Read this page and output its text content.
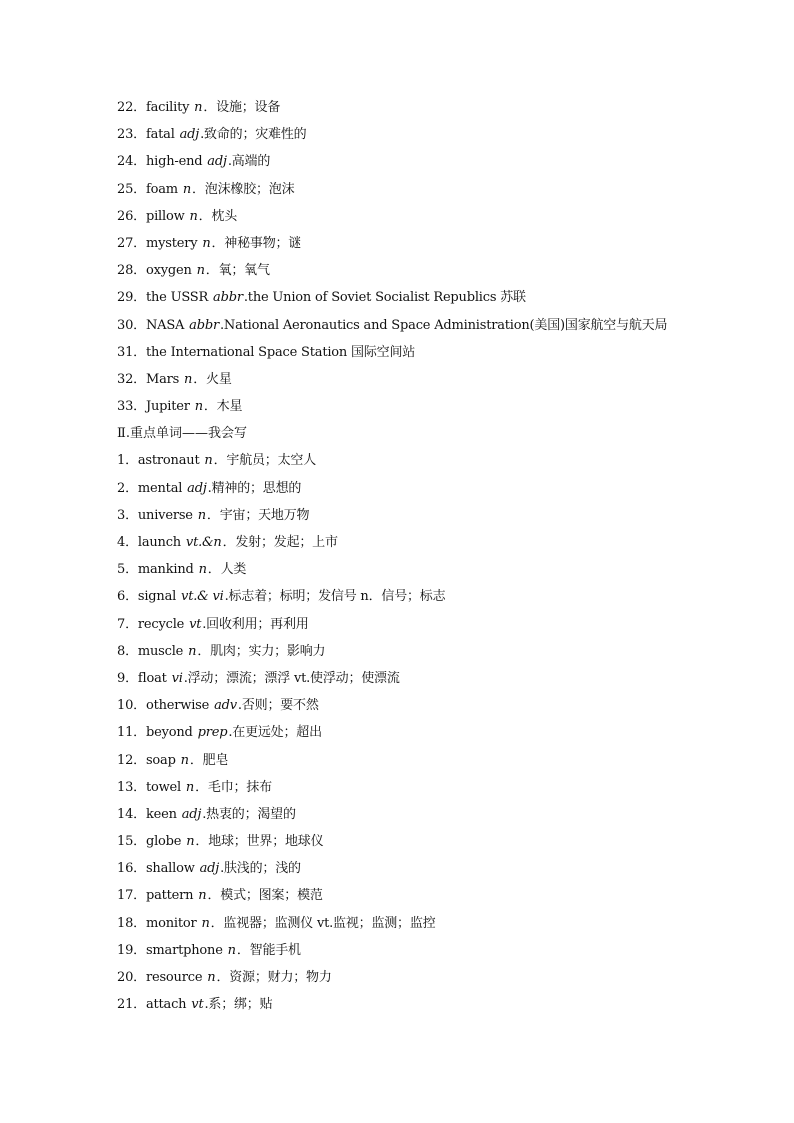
22．facility n．设施；设备
23．fatal adj.致命的；灾难性的
24．high-end adj.高端的
25．foam n．泡沫橡胶；泡沫
26．pillow n．枕头
27．mystery n．神秘事物；谜
28．oxygen n．氧；氧气
29．the USSR abbr.the Union of Soviet Socialist Republics 苏联
30．NASA abbr.National Aeronautics and Space Administration(美国)国家航空与航天局
31．the International Space Station 国际空间站
32．Mars n．火星
33．Jupiter n．木星
Ⅱ.重点单词——我会写
1．astronaut n．宇航员；太空人
2．mental adj.精神的；思想的
3．universe n．宇宙；天地万物
4．launch vt.&n．发射；发起；上市
5．mankind n．人类
6．signal vt.& vi.标志着；标明；发信号 n．信号；标志
7．recycle vt.回收利用；再利用
8．muscle n．肌肉；实力；影响力
9．float vi.浮动；漂流；漂浮 vt.使浮动；使漂流
10．otherwise adv.否则；要不然
11．beyond prep.在更远处；超出
12．soap n．肥皂
13．towel n．毛巾；抹布
14．keen adj.热衷的；渴望的
15．globe n．地球；世界；地球仪
16．shallow adj.肤浅的；浅的
17．pattern n．模式；图案；模范
18．monitor n．监视器；监测仪 vt.监视；监测；监控
19．smartphone n．智能手机
20．resource n．资源；财力；物力
21．attach vt.系；绑；贴
